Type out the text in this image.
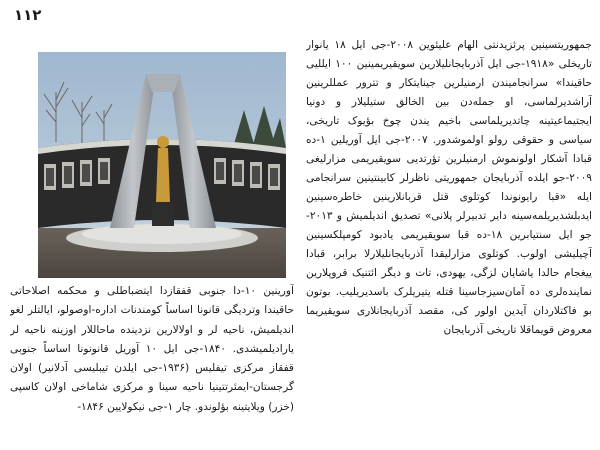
۱۱۲
جمهوریتسینین پرئزیدنتی الهام علیئوین ۲۰۰۸-جی ایل ۱۸ یانوار تاریخلی «۱۹۱۸-جی ایل آذربایجانلیلارین سویقیریمینین ۱۰۰ ایللیی حاقیندا» سرانجامیندن ارمنیلرین جینایتکار و تترور عمللرینین آراشدیرلماسی، او جمله‌دن بین الخالق ستیلیلار و دونیا ایجتیماعیتینه چاتدیریلماسی باخیم یندن چوخ بؤیوک تاریخی، سیاسی و حقوقی رولو اولموشدور. ۲۰۰۷-جی ایل آوریلین ۱-ده قبادا آشکار اولونموش ارمنیلرین تؤرتدیی سویقیریمی مزارلیغی ۲۰۰۹-جو ایلده آذربایجان جمهوریتی ناظرلر کابینتینین سرانجامی ایله «قبا رایونوندا کوتلوی قتل قربانلارینین خاطره‌سینین ایدبلشدیریلمه‌سینه دایر تدبیرلر پلانی» تصدیق اندیلمیش و ۲۰۱۳-جو ایل سنتیابرین ۱۸-ده قبا سویقیریمی یادبود کومپلکسینین آچیلیشی اولوب. کوتلوی مزارلیقدا آذربایجانلیلارلا برابر، قبادا ییغجام حالدا یاشایان لزگی، یهودی، تات و دیگر ائتنیک قروپلارین نماینده‌لری ده آمان‌سیزجاسینا قتله یتیریلرک باسدیریلیب. بوتون بو فاکتلاردان آیدین اولور کی، مقصد آذربایجانلاری سویقیریما معروض قویماقلا تاریخی آذربایجان
آورینین ۱۰-دا جنوبی قفقازدا ایتضباطلی و محکمه اصلاحاتی حاقیندا وتردیگی قانونا اساساً کومندنات اداره-اوصولو، ایالتلر لغو اندیلمیش، ناحیه لر و اولالارین نزدینده ماحاللار اوزینه ناحیه لر یارادیلمیشدی. ۱۸۴۰-جی ایل ۱۰ آوریل قانونونا اساساً جنوبی قفقاز مرکزی تیفلیس (۱۹۳۶-جی ایلدن تیبلیسی آدلانیر) اولان گرجستان-ایمئرتتینیا ناحیه سینا و مرکزی شاماخی اولان کاسپی (خزر) ویلایتینه بؤلوندو. چار ۱-جی نیکولایین ۱۸۴۶-
